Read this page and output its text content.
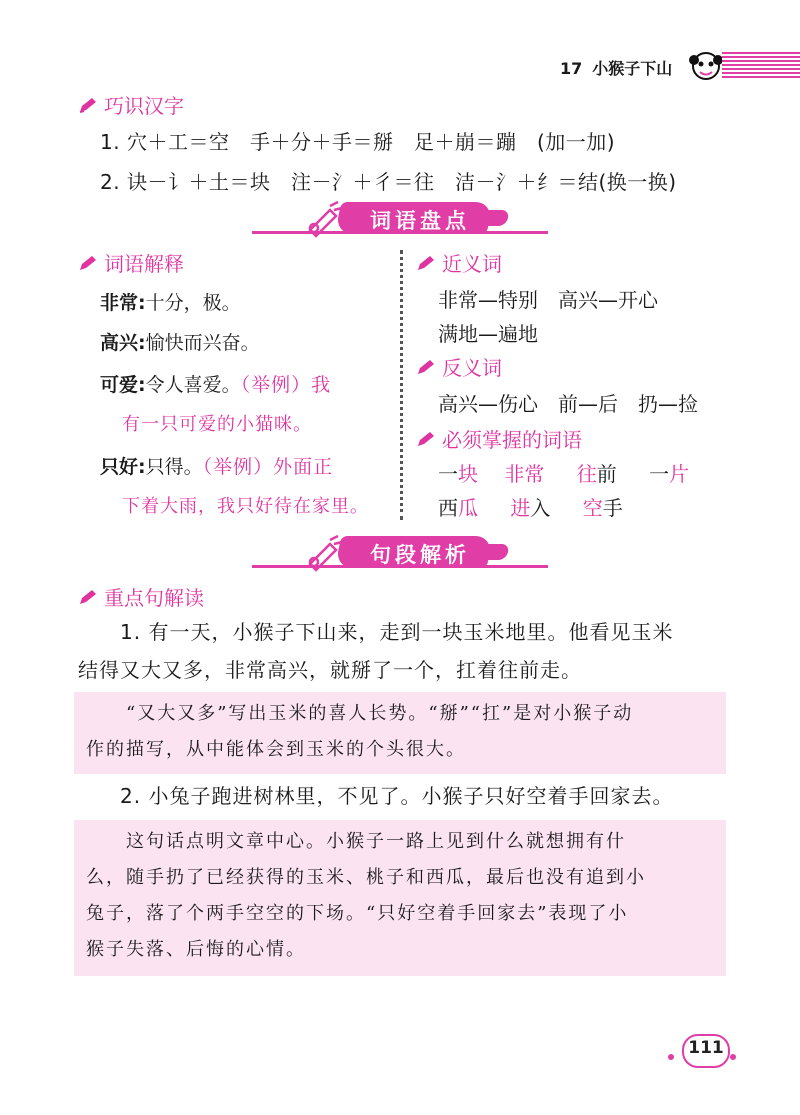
17 小猴子下山
巧识汉字
1. 穴＋工＝空　手＋分＋手＝掰　足＋崩＝蹦　(加一加)
2. 诀－讠＋土＝块　注－氵＋彳＝往　洁－氵＋纟＝结(换一换)
词语盘点
词语解释
非常:十分，极。
高兴:愉快而兴奋。
可爱:令人喜爱。（举例）我
有一只可爱的小猫咪。
只好:只得。（举例）外面正
下着大雨，我只好待在家里。
近义词
非常—特别　高兴—开心
满地—遍地
反义词
高兴—伤心　前—后　扔—捡
必须掌握的词语
一块 非常 往前 一片
西瓜 进入 空手
句段解析
重点句解读
1. 有一天，小猴子下山来，走到一块玉米地里。他看见玉米
结得又大又多，非常高兴，就掰了一个，扛着往前走。
“又大又多”写出玉米的喜人长势。“掰”“扛”是对小猴子动
作的描写，从中能体会到玉米的个头很大。
2. 小兔子跑进树林里，不见了。小猴子只好空着手回家去。
这句话点明文章中心。小猴子一路上见到什么就想拥有什
么，随手扔了已经获得的玉米、桃子和西瓜，最后也没有追到小
兔子，落了个两手空空的下场。“只好空着手回家去”表现了小
猴子失落、后悔的心情。
111
